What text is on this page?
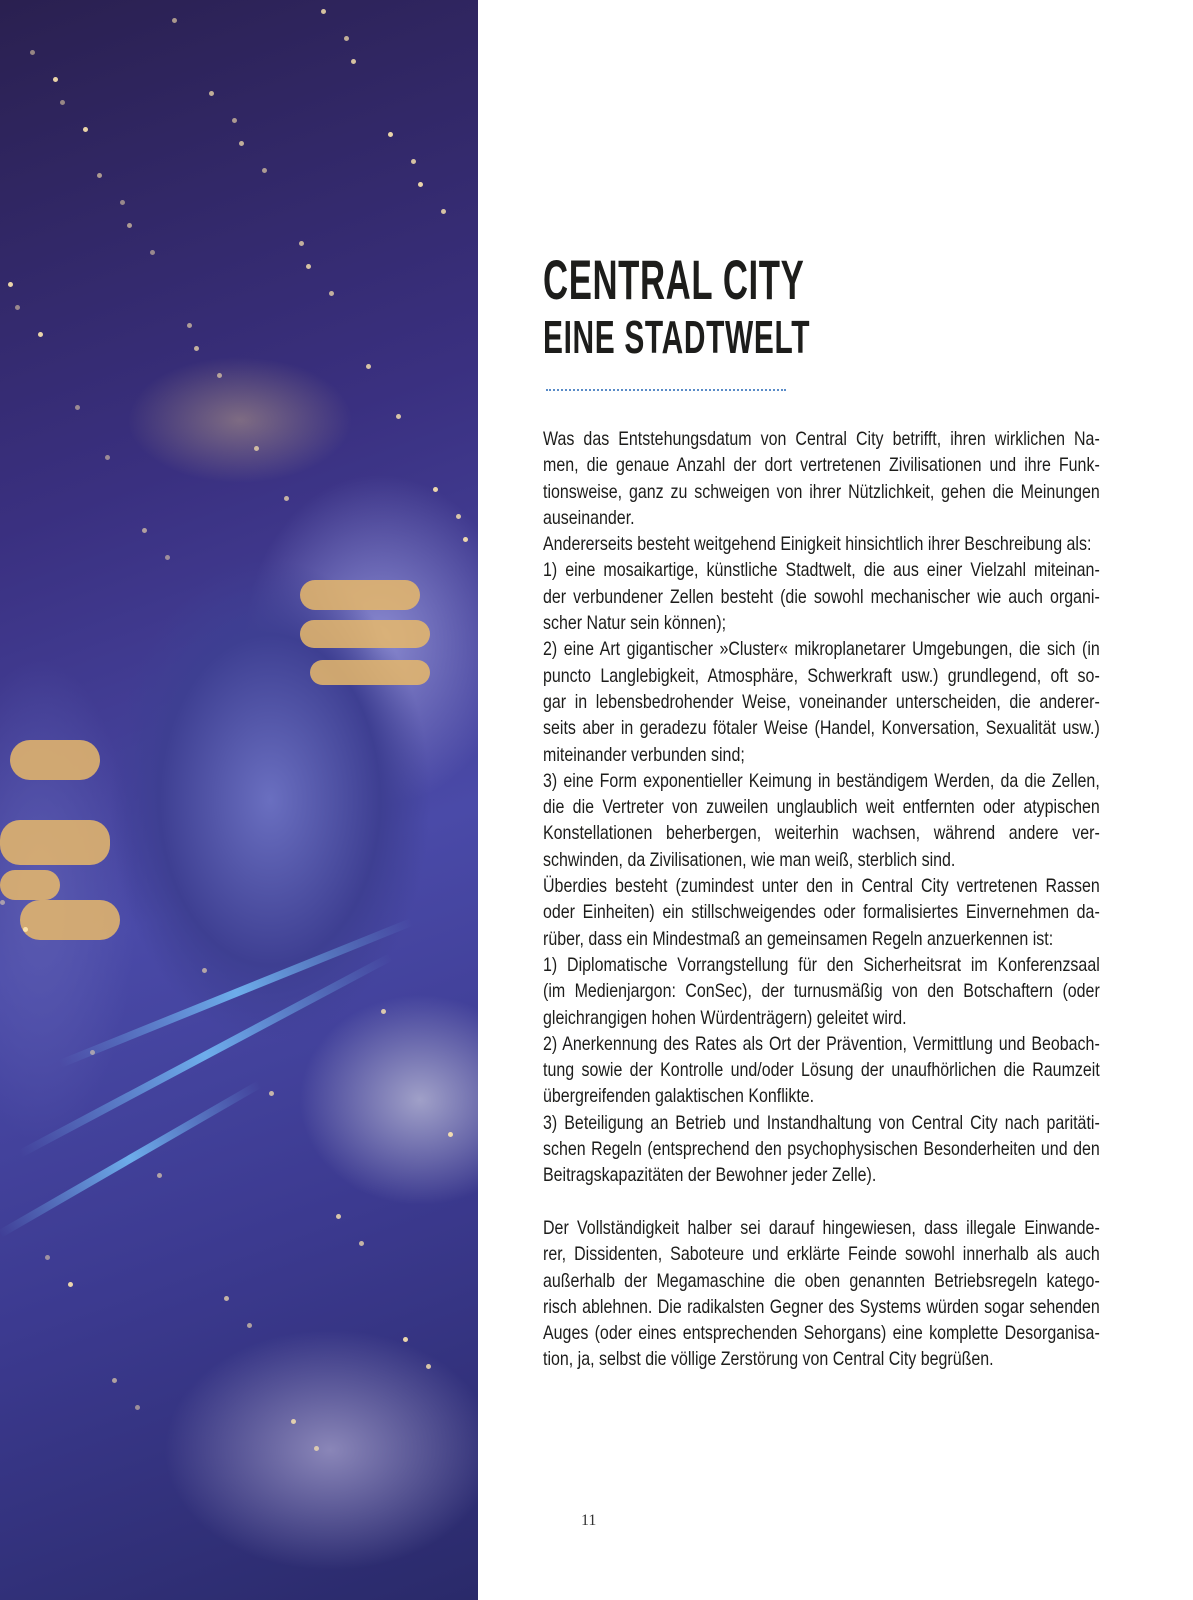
CENTRAL CITY
EINE STADTWELT
Was das Entstehungsdatum von Central City betrifft, ihren wirklichen Na-
men, die genaue Anzahl der dort vertretenen Zivilisationen und ihre Funk-
tionsweise, ganz zu schweigen von ihrer Nützlichkeit, gehen die Meinungen
auseinander.
Andererseits besteht weitgehend Einigkeit hinsichtlich ihrer Beschreibung als:
1) eine mosaikartige, künstliche Stadtwelt, die aus einer Vielzahl miteinan-
der verbundener Zellen besteht (die sowohl mechanischer wie auch organi-
scher Natur sein können);
2) eine Art gigantischer »Cluster« mikroplanetarer Umgebungen, die sich (in
puncto Langlebigkeit, Atmosphäre, Schwerkraft usw.) grundlegend, oft so-
gar in lebensbedrohender Weise, voneinander unterscheiden, die anderer-
seits aber in geradezu fötaler Weise (Handel, Konversation, Sexualität usw.)
miteinander verbunden sind;
3) eine Form exponentieller Keimung in beständigem Werden, da die Zellen,
die die Vertreter von zuweilen unglaublich weit entfernten oder atypischen
Konstellationen beherbergen, weiterhin wachsen, während andere ver-
schwinden, da Zivilisationen, wie man weiß, sterblich sind.
Überdies besteht (zumindest unter den in Central City vertretenen Rassen
oder Einheiten) ein stillschweigendes oder formalisiertes Einvernehmen da-
rüber, dass ein Mindestmaß an gemeinsamen Regeln anzuerkennen ist:
1) Diplomatische Vorrangstellung für den Sicherheitsrat im Konferenzsaal
(im Medienjargon: ConSec), der turnusmäßig von den Botschaftern (oder
gleichrangigen hohen Würdenträgern) geleitet wird.
2) Anerkennung des Rates als Ort der Prävention, Vermittlung und Beobach-
tung sowie der Kontrolle und/oder Lösung der unaufhörlichen die Raumzeit
übergreifenden galaktischen Konflikte.
3) Beteiligung an Betrieb und Instandhaltung von Central City nach paritäti-
schen Regeln (entsprechend den psychophysischen Besonderheiten und den
Beitragskapazitäten der Bewohner jeder Zelle).
Der Vollständigkeit halber sei darauf hingewiesen, dass illegale Einwande-
rer, Dissidenten, Saboteure und erklärte Feinde sowohl innerhalb als auch
außerhalb der Megamaschine die oben genannten Betriebsregeln katego-
risch ablehnen. Die radikalsten Gegner des Systems würden sogar sehenden
Auges (oder eines entsprechenden Sehorgans) eine komplette Desorganisa-
tion, ja, selbst die völlige Zerstörung von Central City begrüßen.
11
